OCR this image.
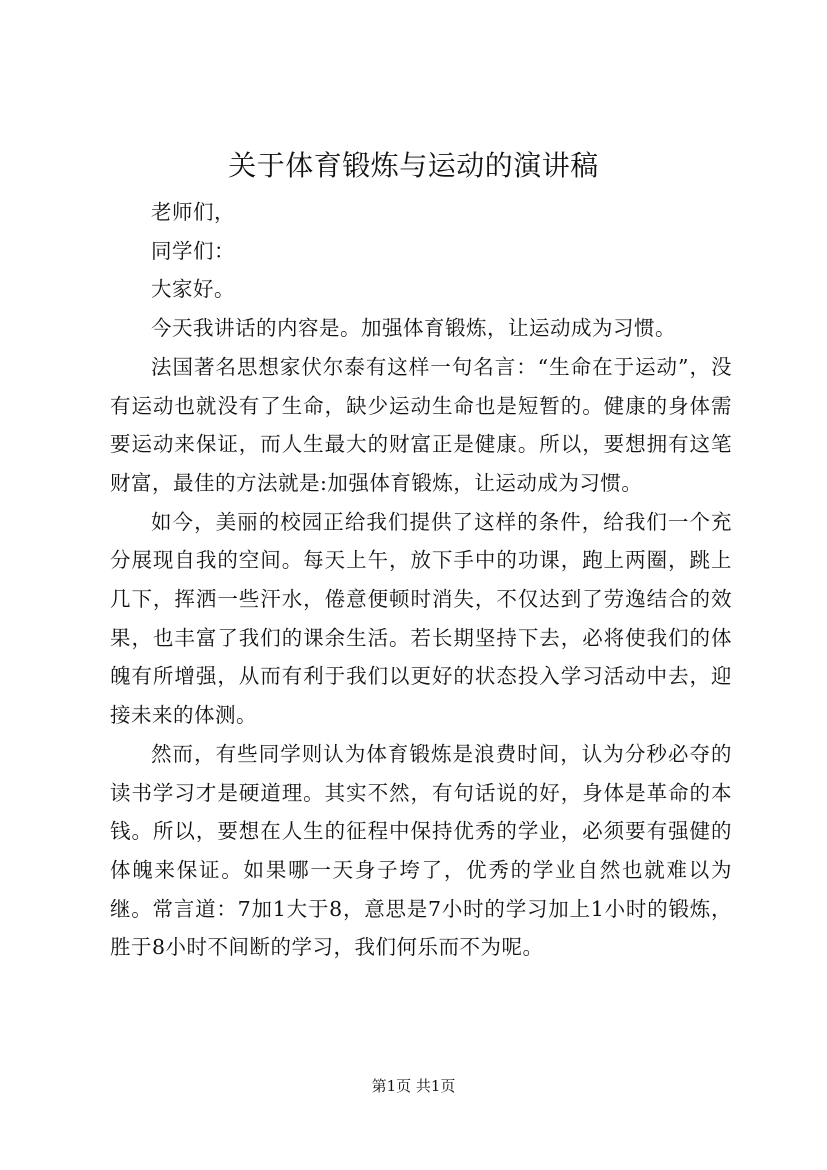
关于体育锻炼与运动的演讲稿

老师们，

同学们：

大家好。

今天我讲话的内容是。加强体育锻炼，让运动成为习惯。

法国著名思想家伏尔泰有这样一句名言：“生命在于运动”，没有运动也就没有了生命，缺少运动生命也是短暂的。健康的身体需要运动来保证，而人生最大的财富正是健康。所以，要想拥有这笔财富，最佳的方法就是:加强体育锻炼，让运动成为习惯。

如今，美丽的校园正给我们提供了这样的条件，给我们一个充分展现自我的空间。每天上午，放下手中的功课，跑上两圈，跳上几下，挥洒一些汗水，倦意便顿时消失，不仅达到了劳逸结合的效果，也丰富了我们的课余生活。若长期坚持下去，必将使我们的体魄有所增强，从而有利于我们以更好的状态投入学习活动中去，迎接未来的体测。

然而，有些同学则认为体育锻炼是浪费时间，认为分秒必夺的读书学习才是硬道理。其实不然，有句话说的好，身体是革命的本钱。所以，要想在人生的征程中保持优秀的学业，必须要有强健的体魄来保证。如果哪一天身子垮了，优秀的学业自然也就难以为继。常言道：7加1大于8，意思是7小时的学习加上1小时的锻炼，胜于8小时不间断的学习，我们何乐而不为呢。

第1页 共1页
